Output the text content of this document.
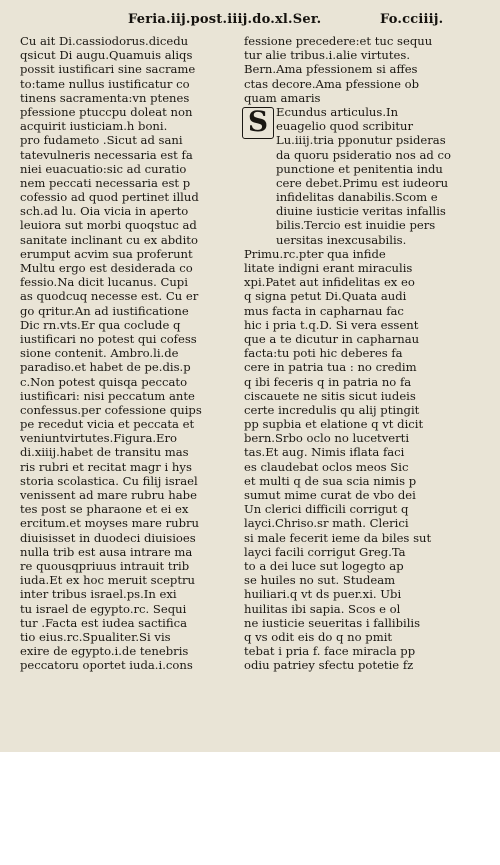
Feria.iij.post.iiij.do.xl.Ser.	Fo.cciiij.
Cu ait Di.cassiodorus.dicedu
qsicut Di augu.Quamuis aliqs
possit iustificari sine sacrame
to:tame nullus iustificatur co
tinens sacramenta:vn ptenes
pfessione ptuccpu doleat non
acquirit iusticiam.h boni.
pro fudameto .Sicut ad sani
tatevulneris necessaria est fa
niei euacuatio:sic ad curatio
nem peccati necessaria est p
cofessio ad quod pertinet illud
sch.ad lu. Oia vicia in aperto
leuiora sut morbi quoqstuc ad
sanitate inclinant cu ex abdito
erumput acvim sua proferunt
Multu ergo est desiderada co
fessio.Na dicit lucanus. Cupi
as quodcuq necesse est. Cu er
go qritur.An ad iustificatione
Dic rn.vts.Er qua coclude q
iustificari no potest qui cofess
sione contenit. Ambro.li.de
paradiso.et habet de pe.dis.p
c.Non potest quisqa peccato
iustificari: nisi peccatum ante
confessus.per cofessione quips
pe recedut vicia et peccata et
veniuntvirtutes.Figura.Ero
di.xiiij.habet de transitu mas
ris rubri et recitat magr i hys
storia scolastica. Cu filij israel
venissent ad mare rubru habe
tes post se pharaone et ei ex
ercitum.et moyses mare rubru
diuisisset in duodeci diuisioes
nulla trib est ausa intrare ma
re quousqpriuus intrauit trib
iuda.Et ex hoc meruit sceptru
inter tribus israel.ps.In exi
tu israel de egypto.rc. Sequi
tur .Facta est iudea sactifica
tio eius.rc.Spualiter.Si vis
exire de egypto.i.de tenebris
peccatoru oportet iuda.i.cons
fessione precedere:et tuc sequu
tur alie tribus.i.alie virtutes.
Bern.Ama pfessionem si affes
ctas decore.Ama pfessione ob
quam amaris
S Ecundus articulus.In
euagelio quod scribitur
Lu.iiij.tria pponutur psideras
da quoru psideratio nos ad co
punctione et penitentia indu
cere debet.Primu est iudeoru
infidelitas danabilis.Scom e
diuine iusticie veritas infallis
bilis.Tercio est inuidie pers
uersitas inexcusabilis.
Primu.rc.pter qua infide
litate indigni erant miraculis
xpi.Patet aut infidelitas ex eo
q signa petut Di.Quata audi
mus facta in capharnau fac
hic i pria t.q.D. Si vera essent
que a te dicutur in capharnau
facta:tu poti hic deberes fa
cere in patria tua : no credim
q ibi feceris q in patria no fa
ciscauete ne sitis sicut iudeis
certe incredulis qu alij ptingit
pp supbia et elatione q vt dicit
bern.Srbo oclo no lucetverti
tas.Et aug. Nimis iflata faci
es claudebat oclos meos Sic
et multi q de sua scia nimis p
sumut mime curat de vbo dei
Un clerici difficili corrigut q
layci.Chriso.sr math. Clerici
si male fecerit ieme da biles sut
layci facili corrigut Greg.Ta
to a dei luce sut logegto ap
se huiles no sut. Studeam
huiliari.q vt ds puer.xi. Ubi
huilitas ibi sapia. Scos e ol
ne iusticie seueritas i fallibilis
q vs odit eis do q no pmit
tebat i pria f. face miracla pp
odiu patriey sfectu potetie fz
